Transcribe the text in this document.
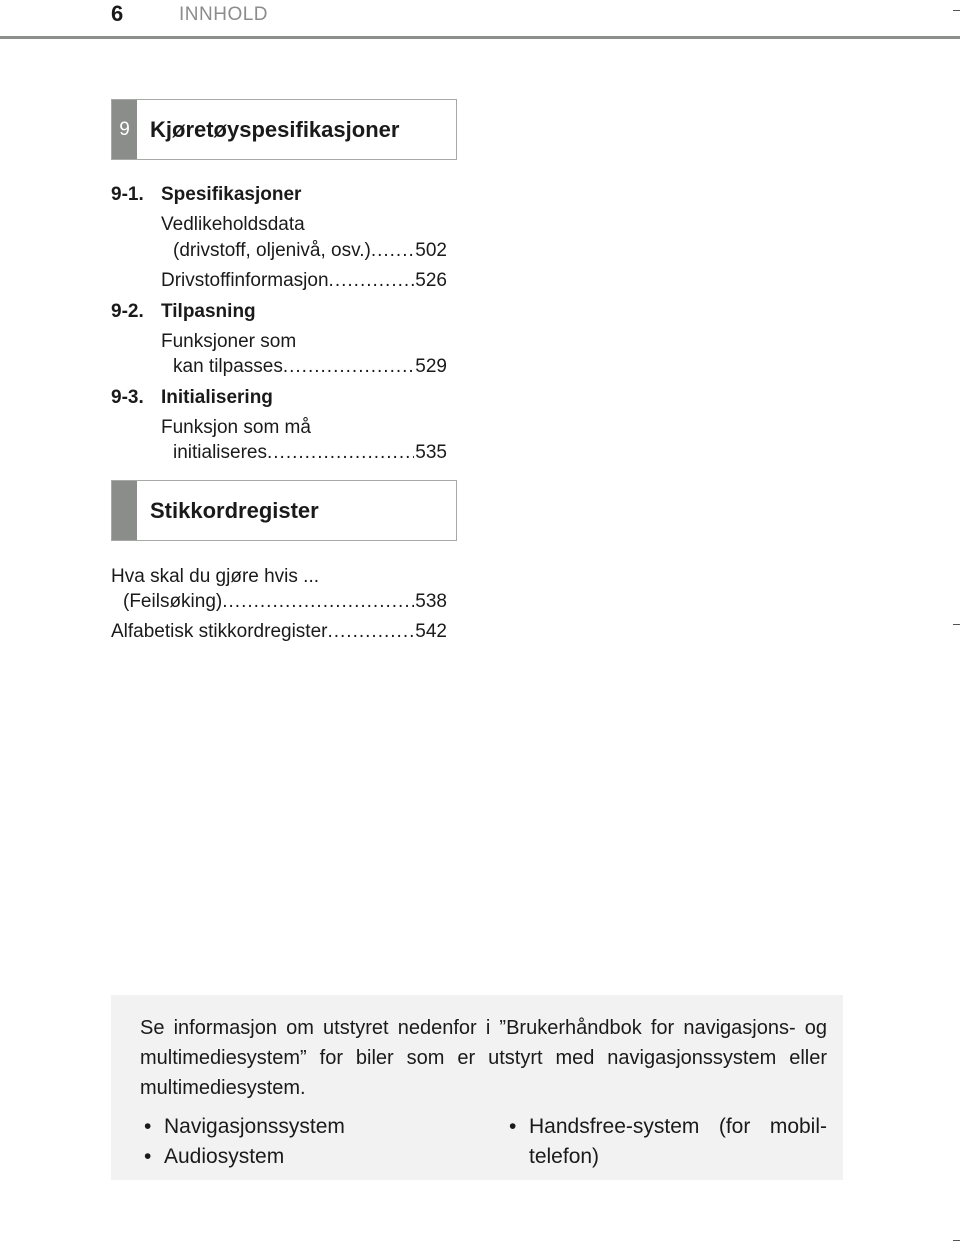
6	INNHOLD
9 Kjøretøyspesifikasjoner
9-1. Spesifikasjoner
Vedlikeholdsdata
(drivstoff, oljenivå, osv.) ..... 502
Drivstoffinformasjon .....	526
9-2. Tilpasning
Funksjoner som
kan tilpasses .....	529
9-3. Initialisering
Funksjon som må
initialiseres .....	535
Stikkordregister
Hva skal du gjøre hvis ...
(Feilsøking) .....	538
Alfabetisk stikkordregister .....	542
Se informasjon om utstyret nedenfor i ”Brukerhåndbok for navigasjons- og multimediesystem” for biler som er utstyrt med navigasjonssystem eller multimediesystem.
• Navigasjonssystem
• Audiosystem
• Handsfree-system (for mobil-telefon)
